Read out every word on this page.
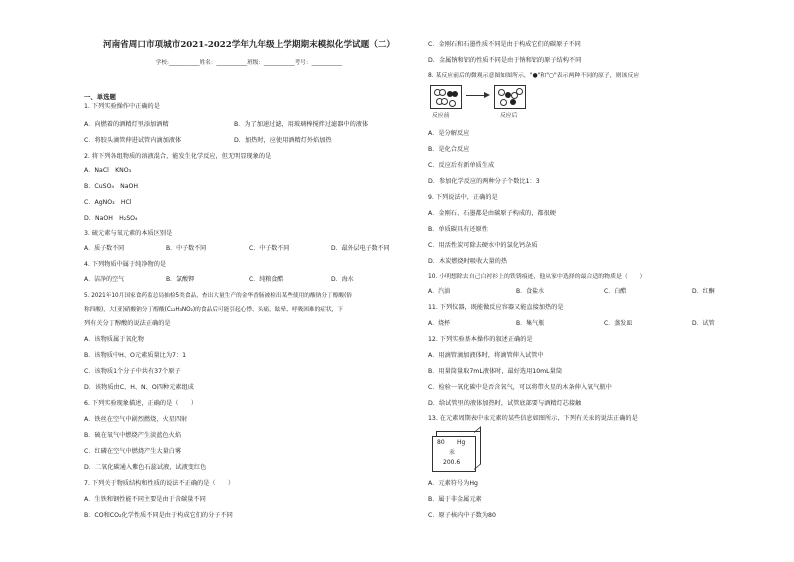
河南省周口市项城市2021-2022学年九年级上学期期末模拟化学试题（二）
学校:___________姓名：___________班级：___________考号：___________
一、单选题
1. 下列实验操作中正确的是
A．向燃着的酒精灯里添加酒精	B．为了加速过滤，用玻璃棒搅拌过滤器中的液体
C．将胶头滴管伸进试管内滴加液体	D．加热时，应使用酒精灯外焰加热
2. 将下列各组物质的溶液混合，能发生化学反应，但无明显现象的是
A．NaCl　KNO₃
B．CuSO₄　NaOH
C．AgNO₃　HCl
D．NaOH　H₂SO₄
3. 硫元素与氧元素的本质区别是
A．质子数不同	B．中子数不同	C．中子数不同	D．最外层电子数不同
4. 下列物质中属于纯净物的是
A．洁净的空气	B．氯酸钾	C．纯粮食醋	D．海水
5. 2021年10月国家食药监总局抽检5类食品，查出大量生产的金华香肠被检出某些使用的酸钠分丁醇酸(俗
称四酸)，大(亚)硝酸钠分丁醇酸(C₁₂H₃NO₂)的食品后可能引起心悸、头痛、眩晕、呼吸困难的症状，下
列有关分丁醇酸的说法正确的是
A．该物质属于氧化物
B．该物质中H、O元素质量比为7：1
C．该物质1个分子中共有37个原子
D．该物质由C、H、N、O四种元素组成
6. 下列实验现象描述，正确的是（　　）
A．铁丝在空气中剧烈燃烧，火星四射
B．硫在氧气中燃烧产生淡蓝色火焰
C．红磷在空气中燃烧产生大量白雾
D．二氧化碳通入紫色石蕊试液，试液变红色
7. 下列关于物质结构和性质的说法不正确的是（　　）
A．生铁和钢性能不同主要是由于含碳量不同
B．CO和CO₂化学性质不同是由于构成它们的分子不同
C．金刚石和石墨性质不同是由于构成它们的碳原子不同
D．金属钠和铝的性质不同是由于钠和铝的原子结构不同
8. 某反应前后的微观示意图如图所示，"●"和"○"表示两种不同的原子，则该反应
反应前	反应后
A．是分解反应
B．是化合反应
C．反应后有新单质生成
D．参加化学反应的两种分子个数比1：3
9. 下列说法中，正确的是
A．金刚石、石墨都是由碳原子构成的，都很硬
B．单质碳具有还原性
C．用活性炭可除去硬水中的氯化钙杂质
D．木炭燃烧时吸收大量的热
10. 小明想除去自己白衬衫上的铁锈痕迹，他从家中选择的最合适的物质是（　　）
A．汽油	B．食盐水	C．白醋	D．红酮
11. 下列仪器，既能做反应容器又能直接加热的是
A．烧杯	B．集气瓶	C．蒸发皿	D．试管
12. 下列实验基本操作的叙述正确的是
A．用滴管滴加液体时，将滴管伸入试管中
B．用量筒量取7mL液体时，最好选用10mL量筒
C．检验一氧化碳中是否含氧气，可以将带火星的木条伸入氧气瓶中
D．给试管里的液体加热时，试管底部要与酒精灯芯接触
13. 在元素周期表中汞元素的某些信息如图所示，下列有关汞的说法正确的是
80 Hg
汞
200.6
A．元素符号为Hg
B．属于非金属元素
C．原子核内中子数为80
